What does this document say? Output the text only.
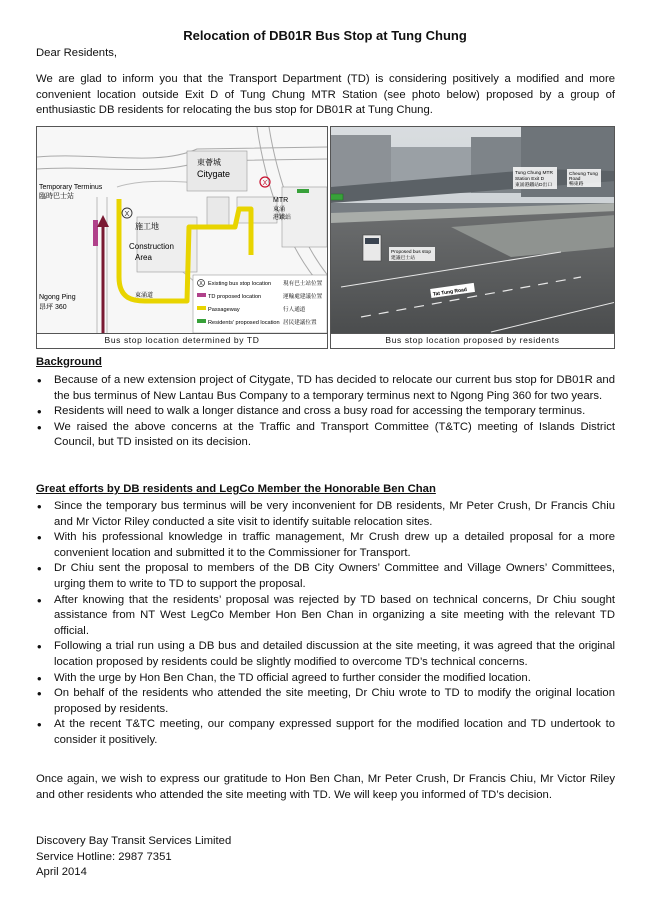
Relocation of DB01R Bus Stop at Tung Chung
Dear Residents,
We are glad to inform you that the Transport Department (TD) is considering positively a modified and more convenient location outside Exit D of Tung Chung MTR Station (see photo below) proposed by a group of enthusiastic DB residents for relocating the bus stop for DB01R at Tung Chung.
X
X
Temporary Terminus
臨時巴士站
東薈城
Citygate
MTR
東涌
港鐵站
施工地
Construction
Area
Ngong Ping
昂坪 360
東涌道
X Existing bus stop location 現有巴士站位置
TD proposed location	運輸處建議位置
Passageway	行人通道
Residents' proposed location 居民建議位置
Bus stop location determined by TD
Tung Chung MTR
Station Exit D
東涌港鐵站D出口
Cheung Tung
Road
暢東路
Proposed bus stop
建議巴士站
Tat Tung Road
Bus stop location proposed by residents
Background
• Because of a new extension project of Citygate, TD has decided to relocate our current bus stop for DB01R and the bus terminus of New Lantau Bus Company to a temporary terminus next to Ngong Ping 360 for two years.
• Residents will need to walk a longer distance and cross a busy road for accessing the temporary terminus.
• We raised the above concerns at the Traffic and Transport Committee (T&TC) meeting of Islands District Council, but TD insisted on its decision.
Great efforts by DB residents and LegCo Member the Honorable Ben Chan
• Since the temporary bus terminus will be very inconvenient for DB residents, Mr Peter Crush, Dr Francis Chiu and Mr Victor Riley conducted a site visit to identify suitable relocation sites.
• With his professional knowledge in traffic management, Mr Crush drew up a detailed proposal for a more convenient location and submitted it to the Commissioner for Transport.
• Dr Chiu sent the proposal to members of the DB City Owners’ Committee and Village Owners’ Committees, urging them to write to TD to support the proposal.
• After knowing that the residents’ proposal was rejected by TD based on technical concerns, Dr Chiu sought assistance from NT West LegCo Member Hon Ben Chan in organizing a site meeting with the relevant TD official.
• Following a trial run using a DB bus and detailed discussion at the site meeting, it was agreed that the original location proposed by residents could be slightly modified to overcome TD’s technical concerns.
• With the urge by Hon Ben Chan, the TD official agreed to further consider the modified location.
• On behalf of the residents who attended the site meeting, Dr Chiu wrote to TD to modify the original location proposed by residents.
• At the recent T&TC meeting, our company expressed support for the modified location and TD undertook to consider it positively.
Once again, we wish to express our gratitude to Hon Ben Chan, Mr Peter Crush, Dr Francis Chiu, Mr Victor Riley and other residents who attended the site meeting with TD. We will keep you informed of TD’s decision.
Discovery Bay Transit Services Limited
Service Hotline: 2987 7351
April 2014
